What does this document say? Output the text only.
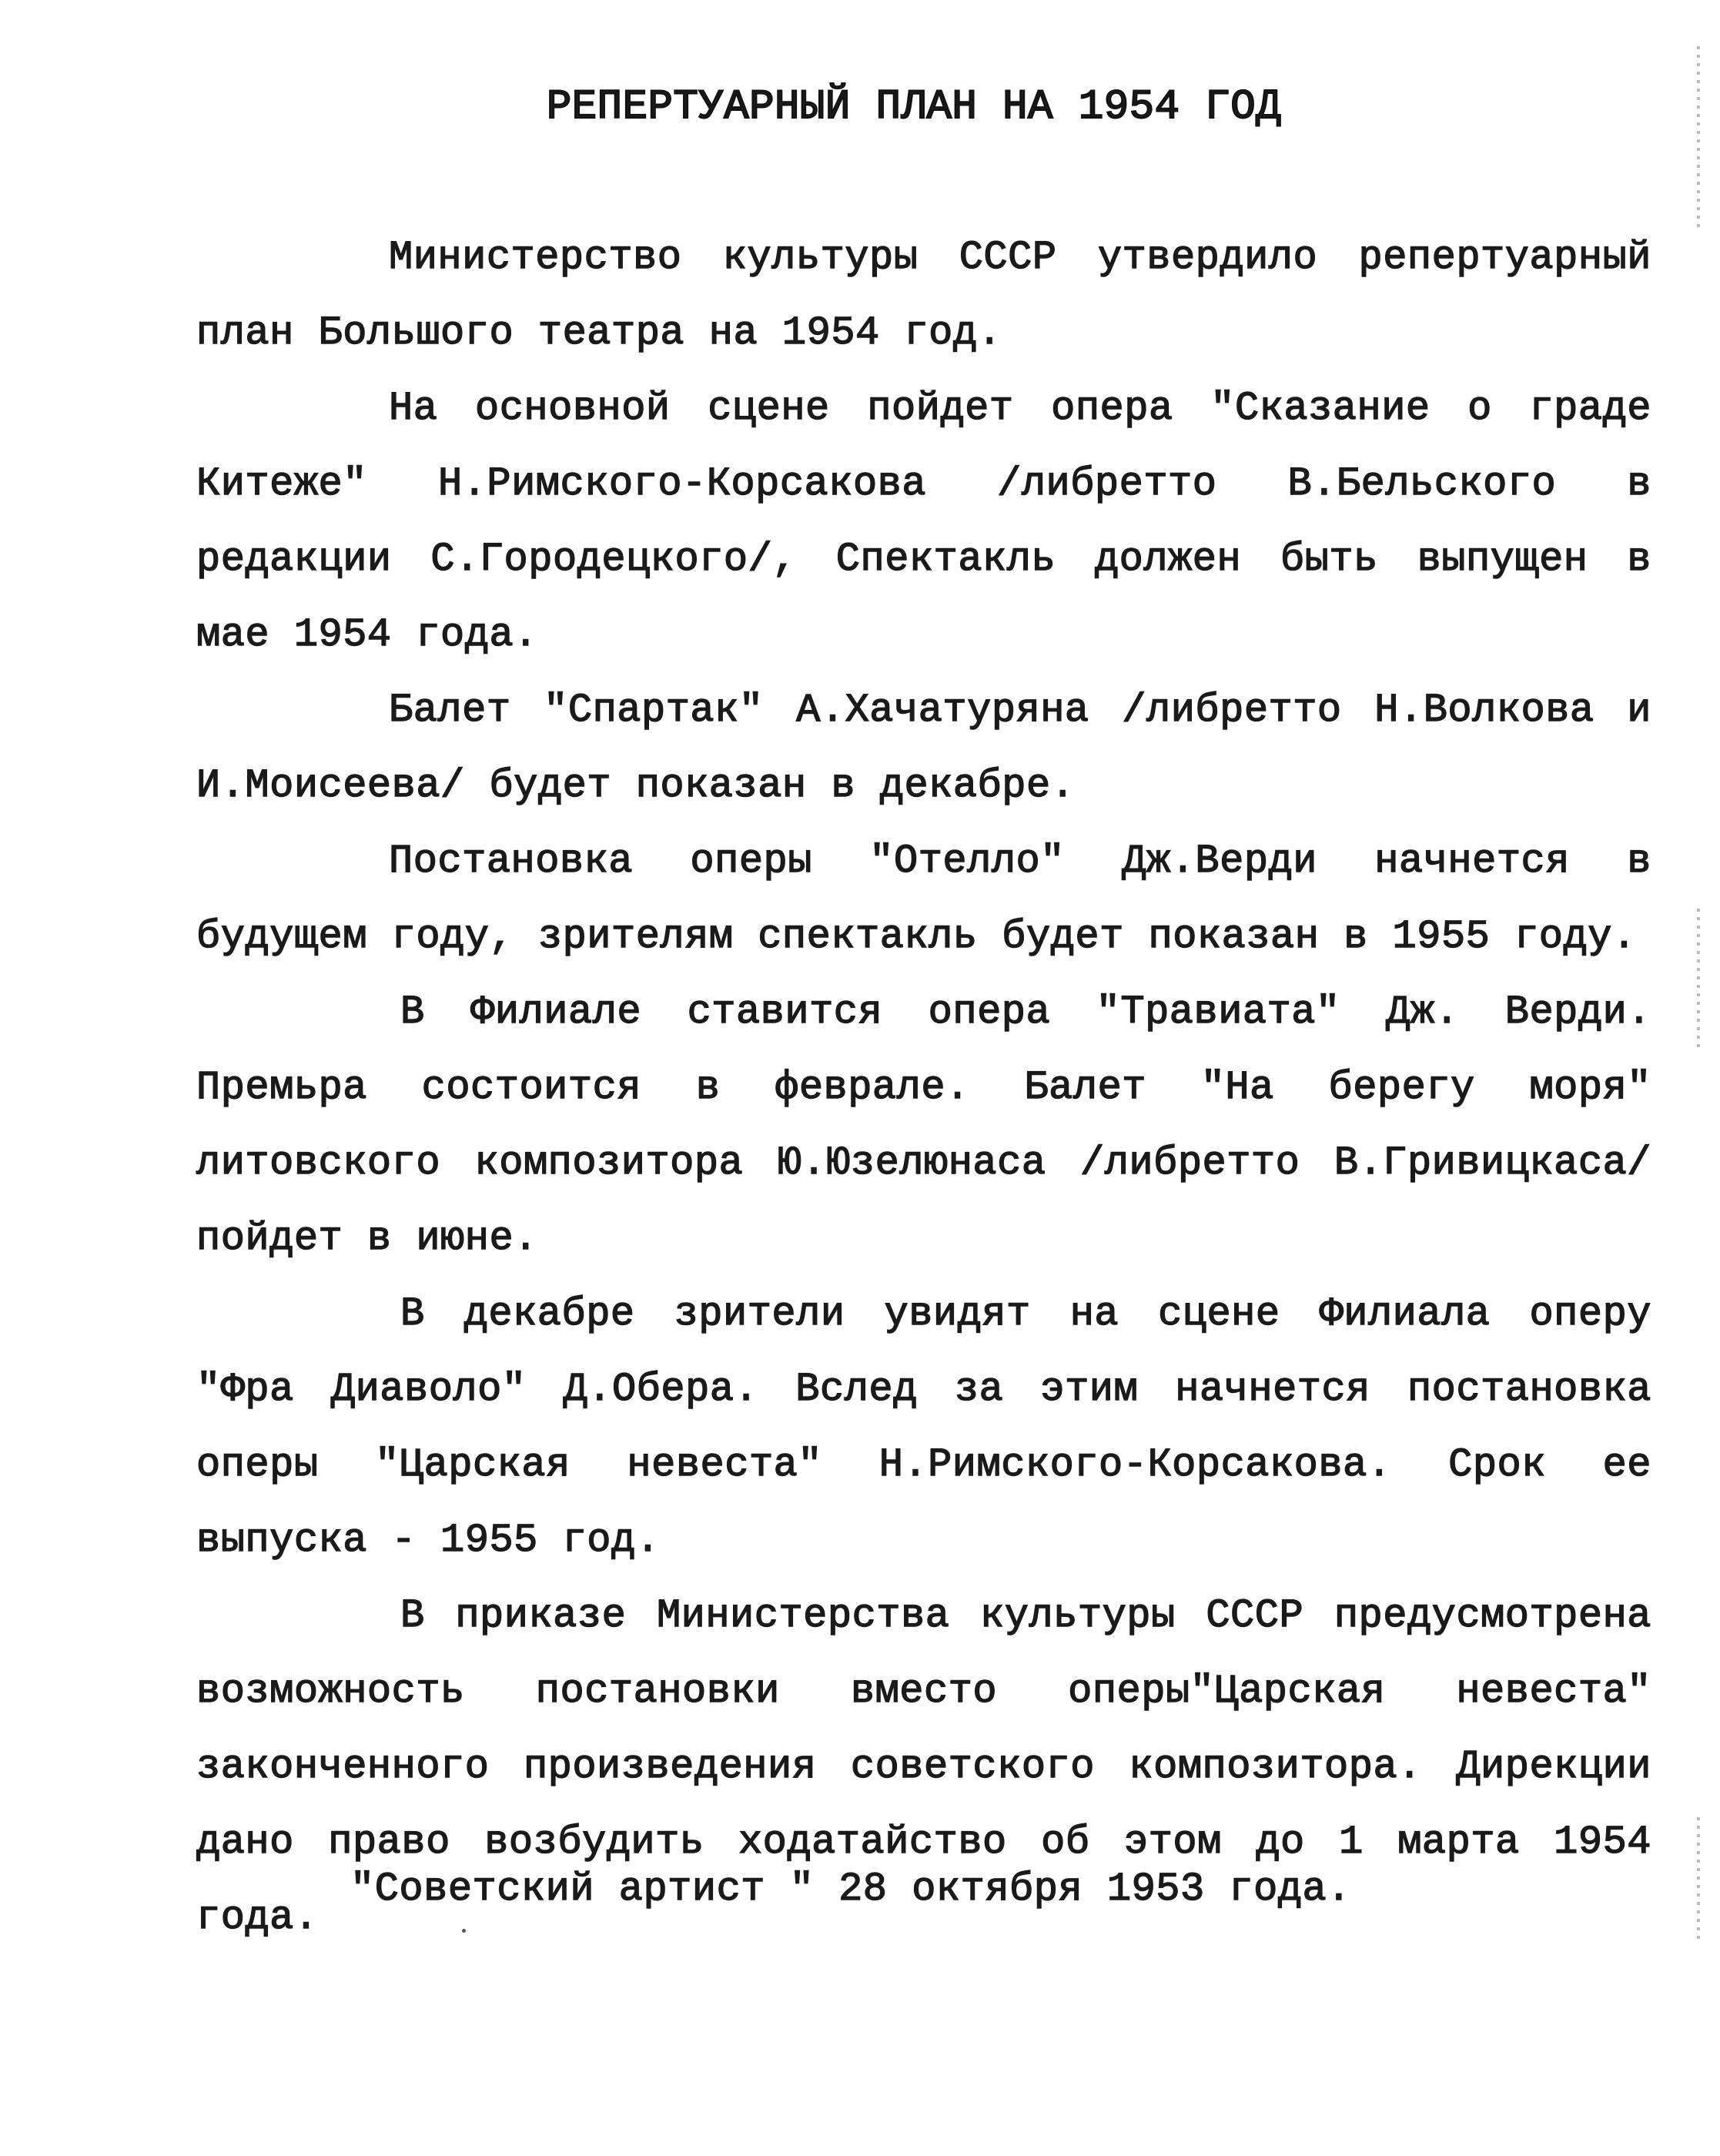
РЕПЕРТУАРНЫЙ ПЛАН НА 1954 ГОД

Министерство культуры СССР утвердило репертуарный план Большого театра на 1954 год.

На основной сцене пойдет опера "Сказание о граде Китеже" Н.Римского-Корсакова /либретто В.Бельского в редакции С.Городецкого/, Спектакль должен быть выпущен в мае 1954 года.

Балет "Спартак" А.Хачатуряна /либретто Н.Волкова и И.Моисеева/ будет показан в декабре.

Постановка оперы "Отелло" Дж.Верди начнется в будущем году, зрителям спектакль будет показан в 1955 году.

В Филиале ставится опера "Травиата" Дж. Верди. Премьра состоится в феврале. Балет "На берегу моря" литовского композитора Ю.Юзелюнаса /либретто В.Гривицкаса/ пойдет в июне.

В декабре зрители увидят на сцене Филиала оперу "Фра Диаволо" Д.Обера. Вслед за этим начнется постановка оперы "Царская невеста" Н.Римского-Корсакова. Срок ее выпуска - 1955 год.

В приказе Министерства культуры СССР предусмотрена возможность постановки вместо оперы"Царская невеста" законченного произведения советского композитора. Дирекции дано право возбудить ходатайство об этом до 1 марта 1954 года.

"Советский артист " 28 октября 1953 года.
